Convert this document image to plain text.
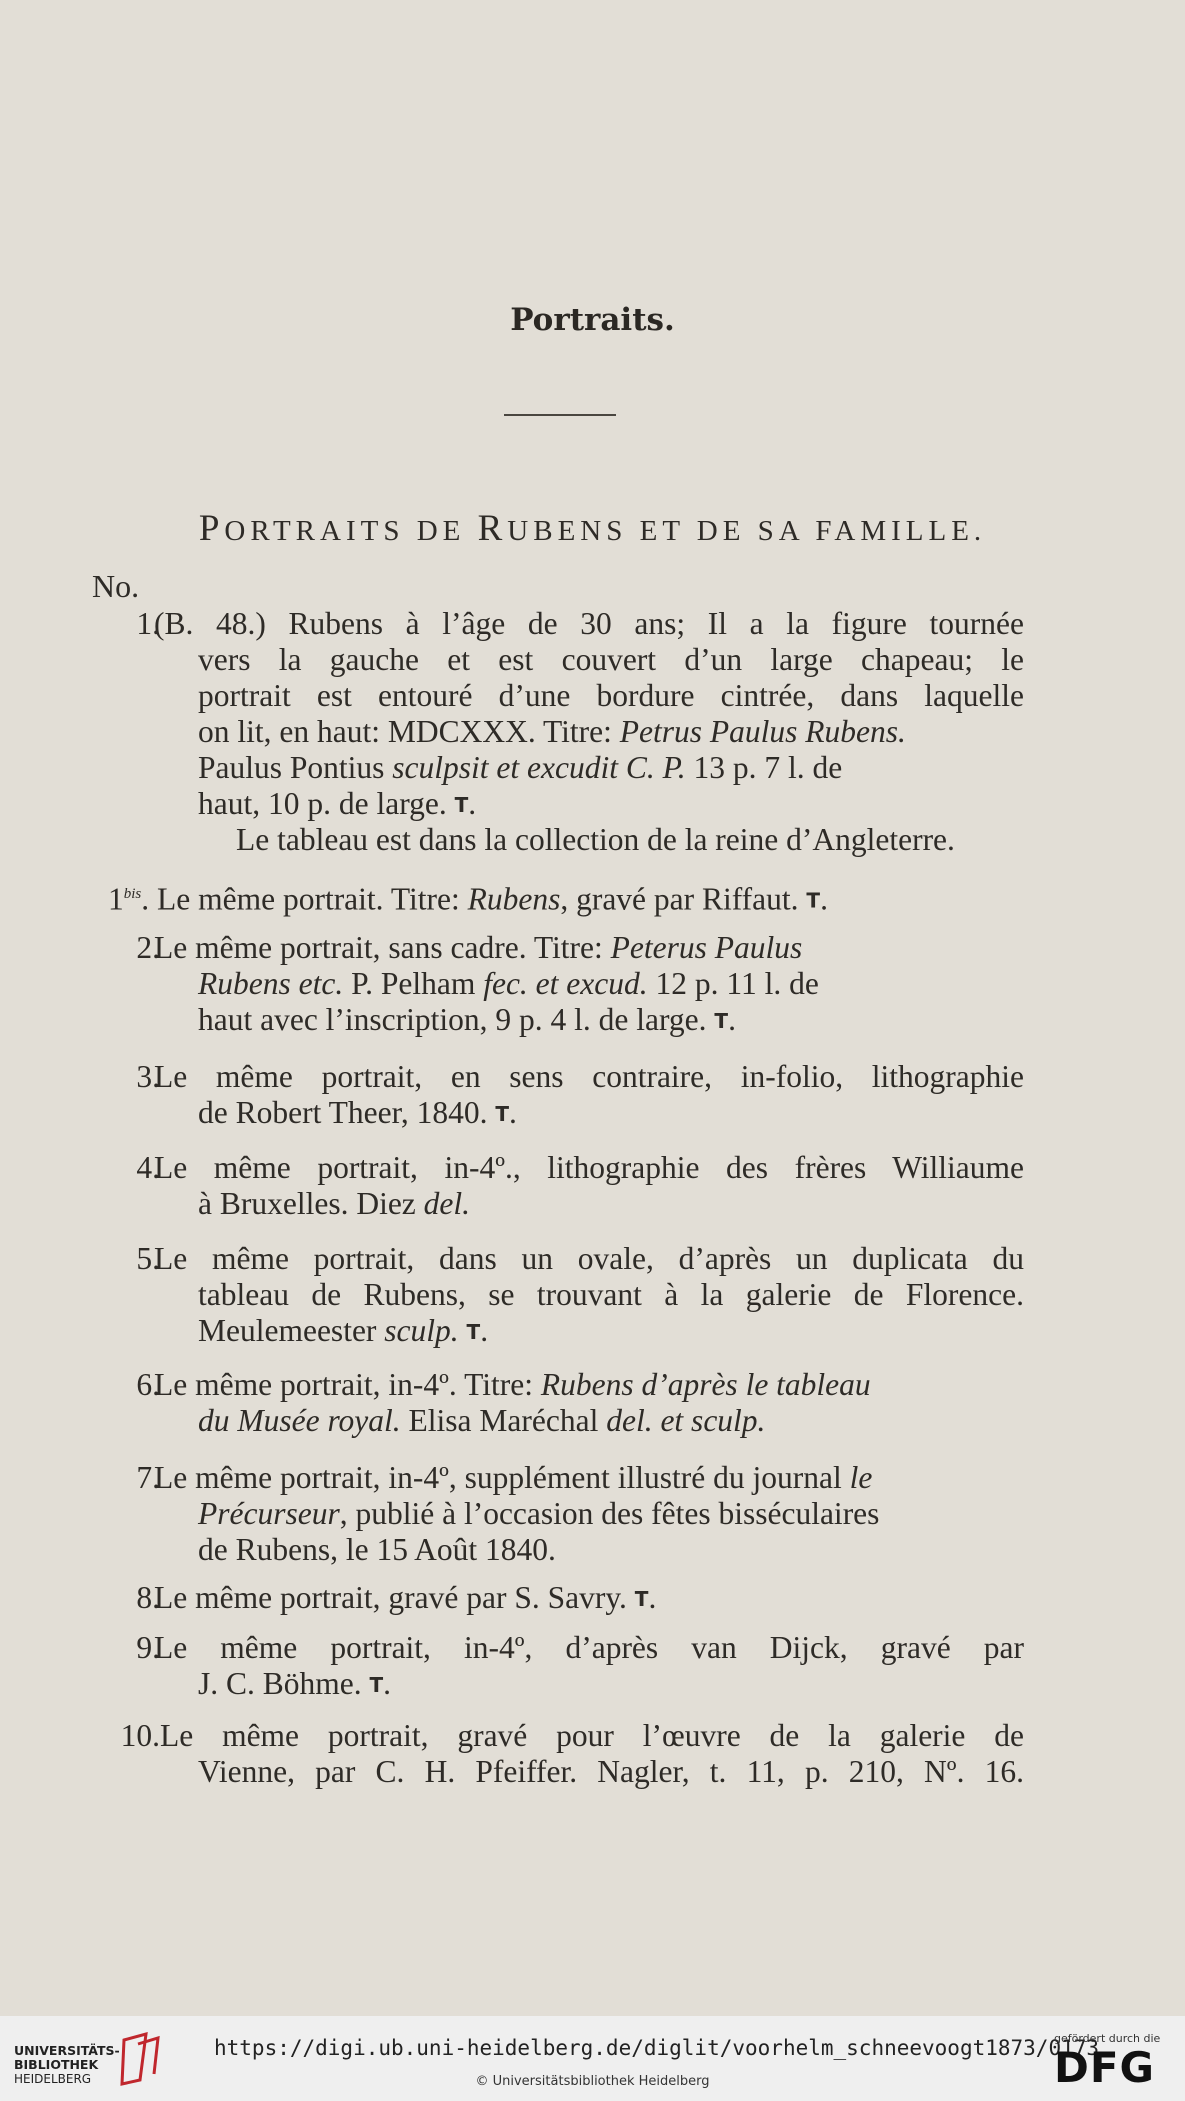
Portraits.
PORTRAITS DE RUBENS ET DE SA FAMILLE.
No.
1.
(B. 48.) Rubens à l’âge de 30 ans; Il a la figure tournée
vers la gauche et est couvert d’un large chapeau; le
portrait est entouré d’une bordure cintrée, dans laquelle
on lit, en haut: MDCXXX. Titre: Petrus Paulus Rubens.
Paulus Pontius sculpsit et excudit C. P. 13 p. 7 l. de
haut, 10 p. de large. T.
Le tableau est dans la collection de la reine d’Angleterre.
$1^{bis}$. Le même portrait. Titre: Rubens, gravé par Riffaut. T.
2.
Le même portrait, sans cadre. Titre: Peterus Paulus
Rubens etc. P. Pelham fec. et excud. 12 p. 11 l. de
haut avec l’inscription, 9 p. 4 l. de large. T.
3.
Le même portrait, en sens contraire, in-folio, lithographie
de Robert Theer, 1840. T.
4.
Le même portrait, in-4º., lithographie des frères Williaume
à Bruxelles. Diez del.
5.
Le même portrait, dans un ovale, d’après un duplicata du
tableau de Rubens, se trouvant à la galerie de Florence.
Meulemeester sculp. T.
6.
Le même portrait, in-4º. Titre: Rubens d’après le tableau
du Musée royal. Elisa Maréchal del. et sculp.
7.
Le même portrait, in-4º, supplément illustré du journal le
Précurseur, publié à l’occasion des fêtes bisséculaires
de Rubens, le 15 Août 1840.
8.
Le même portrait, gravé par S. Savry. T.
9.
Le même portrait, in-4º, d’après van Dijck, gravé par
J. C. Böhme. T.
10. Le même portrait, gravé pour l’œuvre de la galerie de
Vienne, par C. H. Pfeiffer. Nagler, t. 11, p. 210, Nº. 16.
UNIVERSITÄTS-
BIBLIOTHEK
HEIDELBERG
https://digi.ub.uni-heidelberg.de/diglit/voorhelm_schneevoogt1873/0173
© Universitätsbibliothek Heidelberg
gefördert durch die
DFG
